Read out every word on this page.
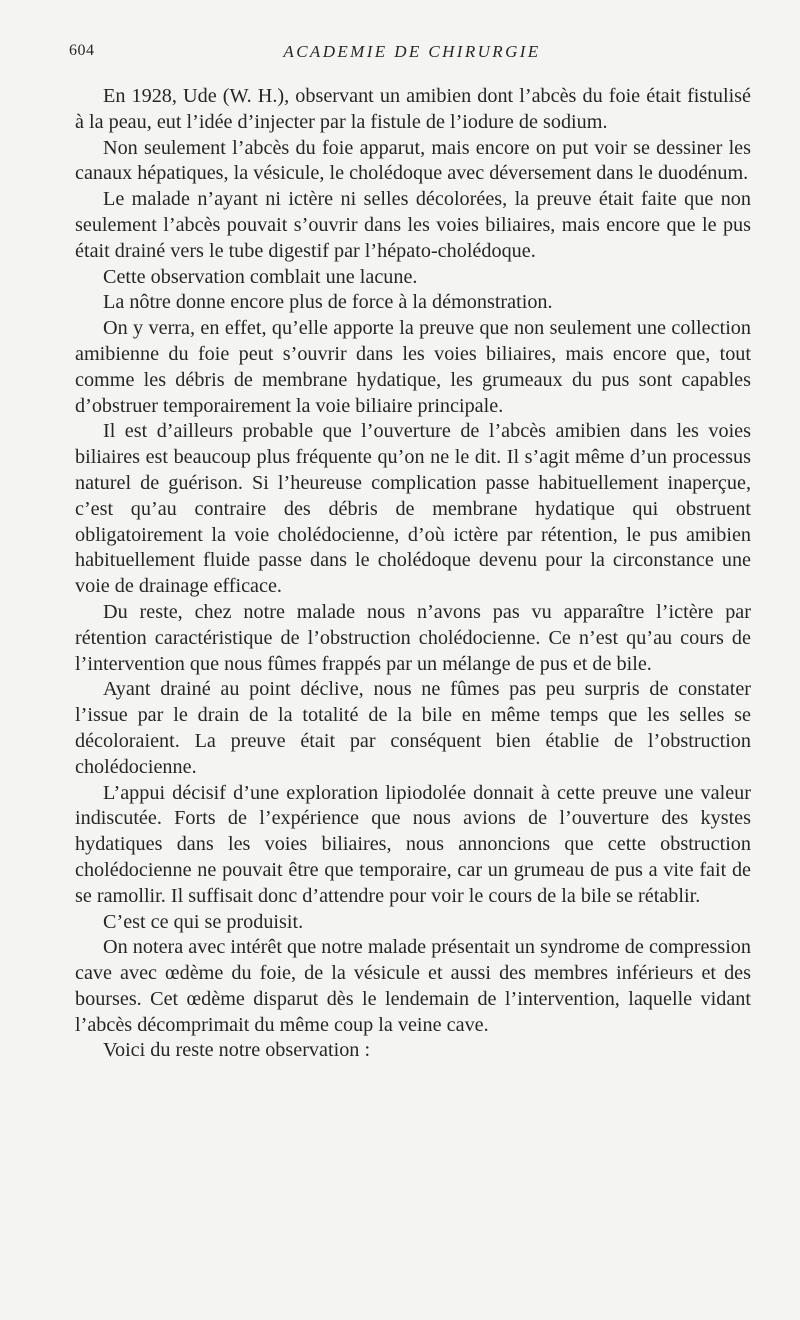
604	ACADEMIE DE CHIRURGIE

En 1928, Ude (W. H.), observant un amibien dont l’abcès du foie était fistulisé à la peau, eut l’idée d’injecter par la fistule de l’iodure de sodium.

Non seulement l’abcès du foie apparut, mais encore on put voir se dessiner les canaux hépatiques, la vésicule, le cholédoque avec déversement dans le duodénum.

Le malade n’ayant ni ictère ni selles décolorées, la preuve était faite que non seulement l’abcès pouvait s’ouvrir dans les voies biliaires, mais encore que le pus était drainé vers le tube digestif par l’hépato-cholédoque.

Cette observation comblait une lacune.

La nôtre donne encore plus de force à la démonstration.

On y verra, en effet, qu’elle apporte la preuve que non seulement une collection amibienne du foie peut s’ouvrir dans les voies biliaires, mais encore que, tout comme les débris de membrane hydatique, les grumeaux du pus sont capables d’obstruer temporairement la voie biliaire principale.

Il est d’ailleurs probable que l’ouverture de l’abcès amibien dans les voies biliaires est beaucoup plus fréquente qu’on ne le dit. Il s’agit même d’un processus naturel de guérison. Si l’heureuse complication passe habituellement inaperçue, c’est qu’au contraire des débris de membrane hydatique qui obstruent obligatoirement la voie cholédocienne, d’où ictère par rétention, le pus amibien habituellement fluide passe dans le cholédoque devenu pour la circonstance une voie de drainage efficace.

Du reste, chez notre malade nous n’avons pas vu apparaître l’ictère par rétention caractéristique de l’obstruction cholédocienne. Ce n’est qu’au cours de l’intervention que nous fûmes frappés par un mélange de pus et de bile.

Ayant drainé au point déclive, nous ne fûmes pas peu surpris de constater l’issue par le drain de la totalité de la bile en même temps que les selles se décoloraient. La preuve était par conséquent bien établie de l’obstruction cholédocienne.

L’appui décisif d’une exploration lipiodolée donnait à cette preuve une valeur indiscutée. Forts de l’expérience que nous avions de l’ouverture des kystes hydatiques dans les voies biliaires, nous annoncions que cette obstruction cholédocienne ne pouvait être que temporaire, car un grumeau de pus a vite fait de se ramollir. Il suffisait donc d’attendre pour voir le cours de la bile se rétablir.

C’est ce qui se produisit.

On notera avec intérêt que notre malade présentait un syndrome de compression cave avec œdème du foie, de la vésicule et aussi des membres inférieurs et des bourses. Cet œdème disparut dès le lendemain de l’intervention, laquelle vidant l’abcès décomprimait du même coup la veine cave.

Voici du reste notre observation :
